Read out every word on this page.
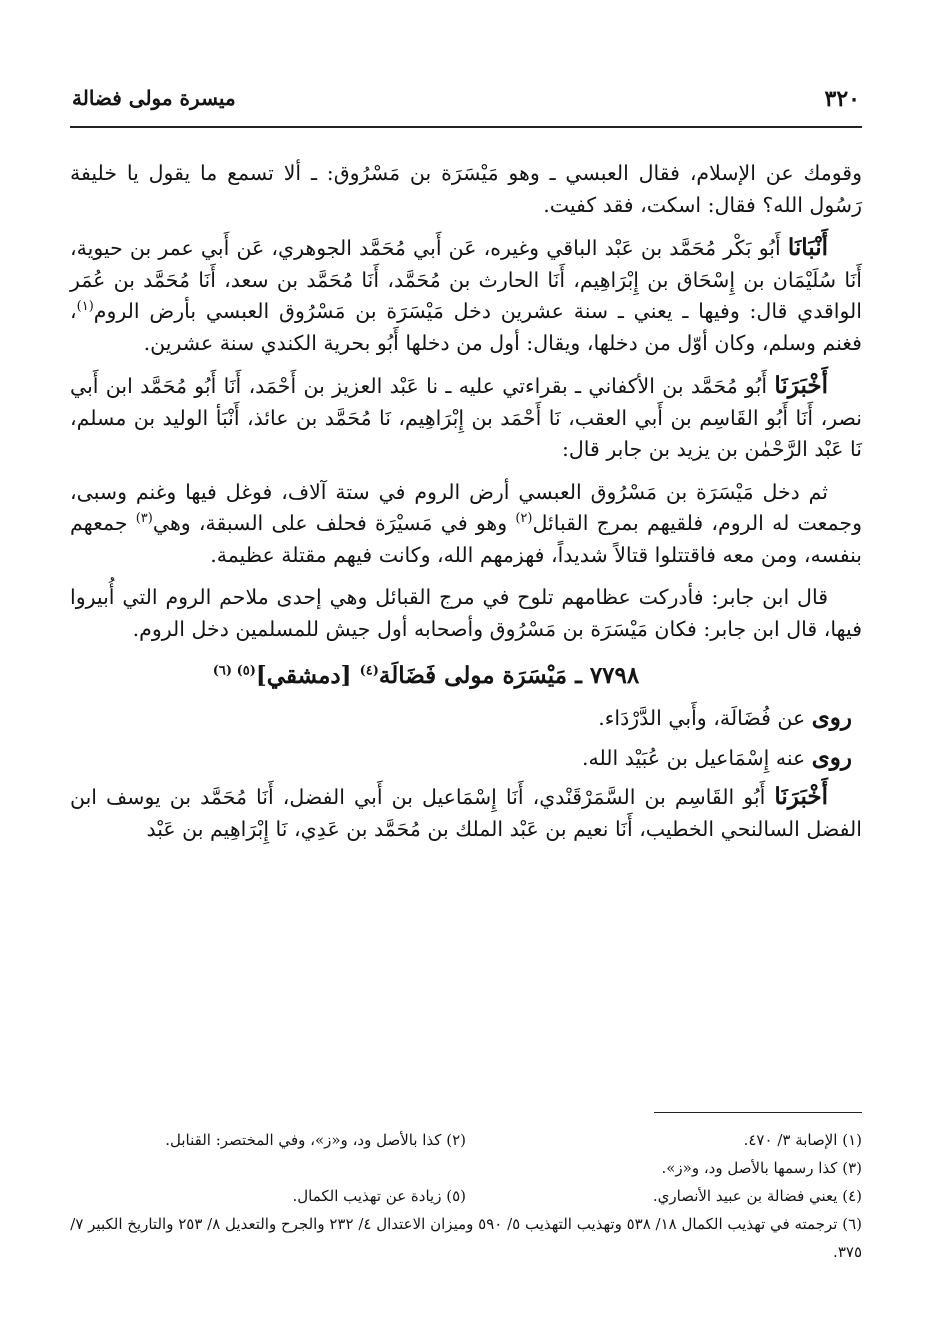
٣٢٠
ميسرة مولى فضالة

وقومك عن الإسلام، فقال العبسي ـ وهو مَيْسَرَة بن مَسْرُوق: ـ ألا تسمع ما يقول يا خليفة رَسُول الله؟ فقال: اسكت، فقد كفيت.

أَنْبَانَا أَبُو بَكْر مُحَمَّد بن عَبْد الباقي وغيره، عَن أَبي مُحَمَّد الجوهري، عَن أَبي عمر بن حيوية، أَنَا سُلَيْمَان بن إِسْحَاق بن إِبْرَاهِيم، أَنَا الحارث بن مُحَمَّد، أَنَا مُحَمَّد بن سعد، أَنَا مُحَمَّد بن عُمَر الواقدي قال: وفيها ـ يعني ـ سنة عشرين دخل مَيْسَرَة بن مَسْرُوق العبسي بأرض الروم$^{(١)}$، فغنم وسلم، وكان أوّل من دخلها، ويقال: أول من دخلها أَبُو بحرية الكندي سنة عشرين.

أَخْبَرَنَا أَبُو مُحَمَّد بن الأكفاني ـ بقراءتي عليه ـ نا عَبْد العزيز بن أَحْمَد، أَنَا أَبُو مُحَمَّد ابن أَبي نصر، أَنَا أَبُو القَاسِم بن أَبي العقب، نَا أَحْمَد بن إِبْرَاهِيم، نَا مُحَمَّد بن عائذ، أَنْبَأ الوليد بن مسلم، نَا عَبْد الرَّحْمٰن بن يزيد بن جابر قال:

ثم دخل مَيْسَرَة بن مَسْرُوق العبسي أرض الروم في ستة آلاف، فوغل فيها وغنم وسبى، وجمعت له الروم، فلقيهم بمرج القبائل$^{(٢)}$ وهو في مَسيْرَة فحلف على السبقة، وهي$^{(٣)}$ جمعهم بنفسه، ومن معه فاقتتلوا قتالاً شديداً، فهزمهم الله، وكانت فيهم مقتلة عظيمة.

قال ابن جابر: فأدركت عظامهم تلوح في مرج القبائل وهي إحدى ملاحم الروم التي أُبيروا فيها، قال ابن جابر: فكان مَيْسَرَة بن مَسْرُوق وأصحابه أول جيش للمسلمين دخل الروم.

٧٧٩٨ ـ مَيْسَرَة مولى فَضَالَة$^{(٤)}$ [دمشقي]$^{(٥)}$ $^{(٦)}$
روى عن فُضَالَة، وأَبي الدَّرْدَاء.
روى عنه إِسْمَاعيل بن عُبَيْد الله.

أَخْبَرَنَا أَبُو القَاسِم بن السَّمَرْقَنْدي، أَنَا إِسْمَاعيل بن أَبي الفضل، أَنَا مُحَمَّد بن يوسف ابن الفضل السالنحي الخطيب، أَنَا نعيم بن عَبْد الملك بن مُحَمَّد بن عَدِي، نَا إِبْرَاهِيم بن عَبْد

(١) الإصابة ٣/ ٤٧٠.
(٢) كذا بالأصل ود، و«ز»، وفي المختصر: القنابل.
(٣) كذا رسمها بالأصل ود، و«ز».
(٤) يعني فضالة بن عبيد الأنصاري.
(٥) زيادة عن تهذيب الكمال.
(٦) ترجمته في تهذيب الكمال ١٨/ ٥٣٨ وتهذيب التهذيب ٥/ ٥٩٠ وميزان الاعتدال ٤/ ٢٣٢ والجرح والتعديل ٨/ ٢٥٣ والتاريخ الكبير ٧/ ٣٧٥.
